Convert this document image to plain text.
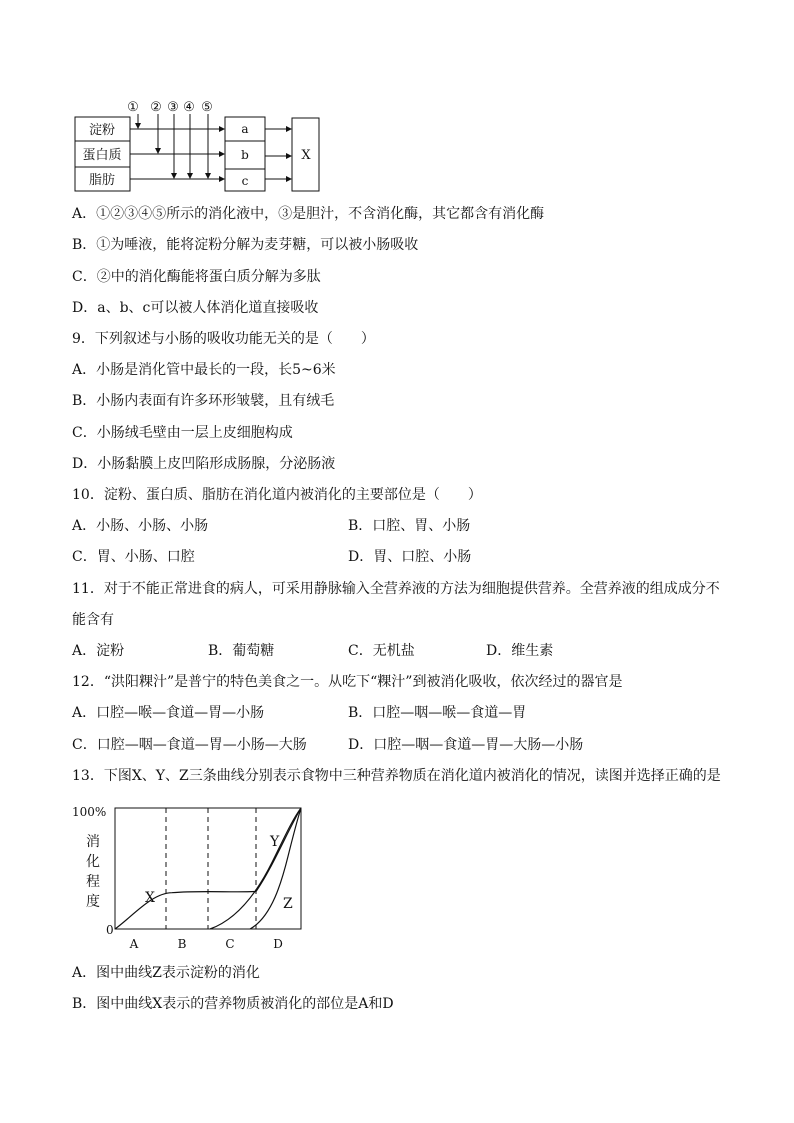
① ② ③ ④ ⑤
淀粉
蛋白质
脂肪
a
b
c
X
A．①②③④⑤所示的消化液中，③是胆汁，不含消化酶，其它都含有消化酶
B．①为唾液，能将淀粉分解为麦芽糖，可以被小肠吸收
C．②中的消化酶能将蛋白质分解为多肽
D．a、b、c可以被人体消化道直接吸收
9．下列叙述与小肠的吸收功能无关的是（　　）
A．小肠是消化管中最长的一段，长5~6米
B．小肠内表面有许多环形皱襞，且有绒毛
C．小肠绒毛壁由一层上皮细胞构成
D．小肠黏膜上皮凹陷形成肠腺，分泌肠液
10．淀粉、蛋白质、脂肪在消化道内被消化的主要部位是（　　）
A．小肠、小肠、小肠	B．口腔、胃、小肠
C．胃、小肠、口腔	D．胃、口腔、小肠
11．对于不能正常进食的病人，可采用静脉输入全营养液的方法为细胞提供营养。全营养液的组成成分不
能含有
A．淀粉	B．葡萄糖	C．无机盐	D．维生素
12．“洪阳粿汁”是普宁的特色美食之一。从吃下“粿汁”到被消化吸收，依次经过的器官是
A．口腔—喉—食道—胃—小肠	B．口腔—咽—喉—食道—胃
C．口腔—咽—食道—胃—小肠—大肠	D．口腔—咽—食道—胃—大肠—小肠
13．下图X、Y、Z三条曲线分别表示食物中三种营养物质在消化道内被消化的情况，读图并选择正确的是
100%
0
消
化
程
度
A	B	C	D
X
Y
Z
A．图中曲线Z表示淀粉的消化
B．图中曲线X表示的营养物质被消化的部位是A和D
